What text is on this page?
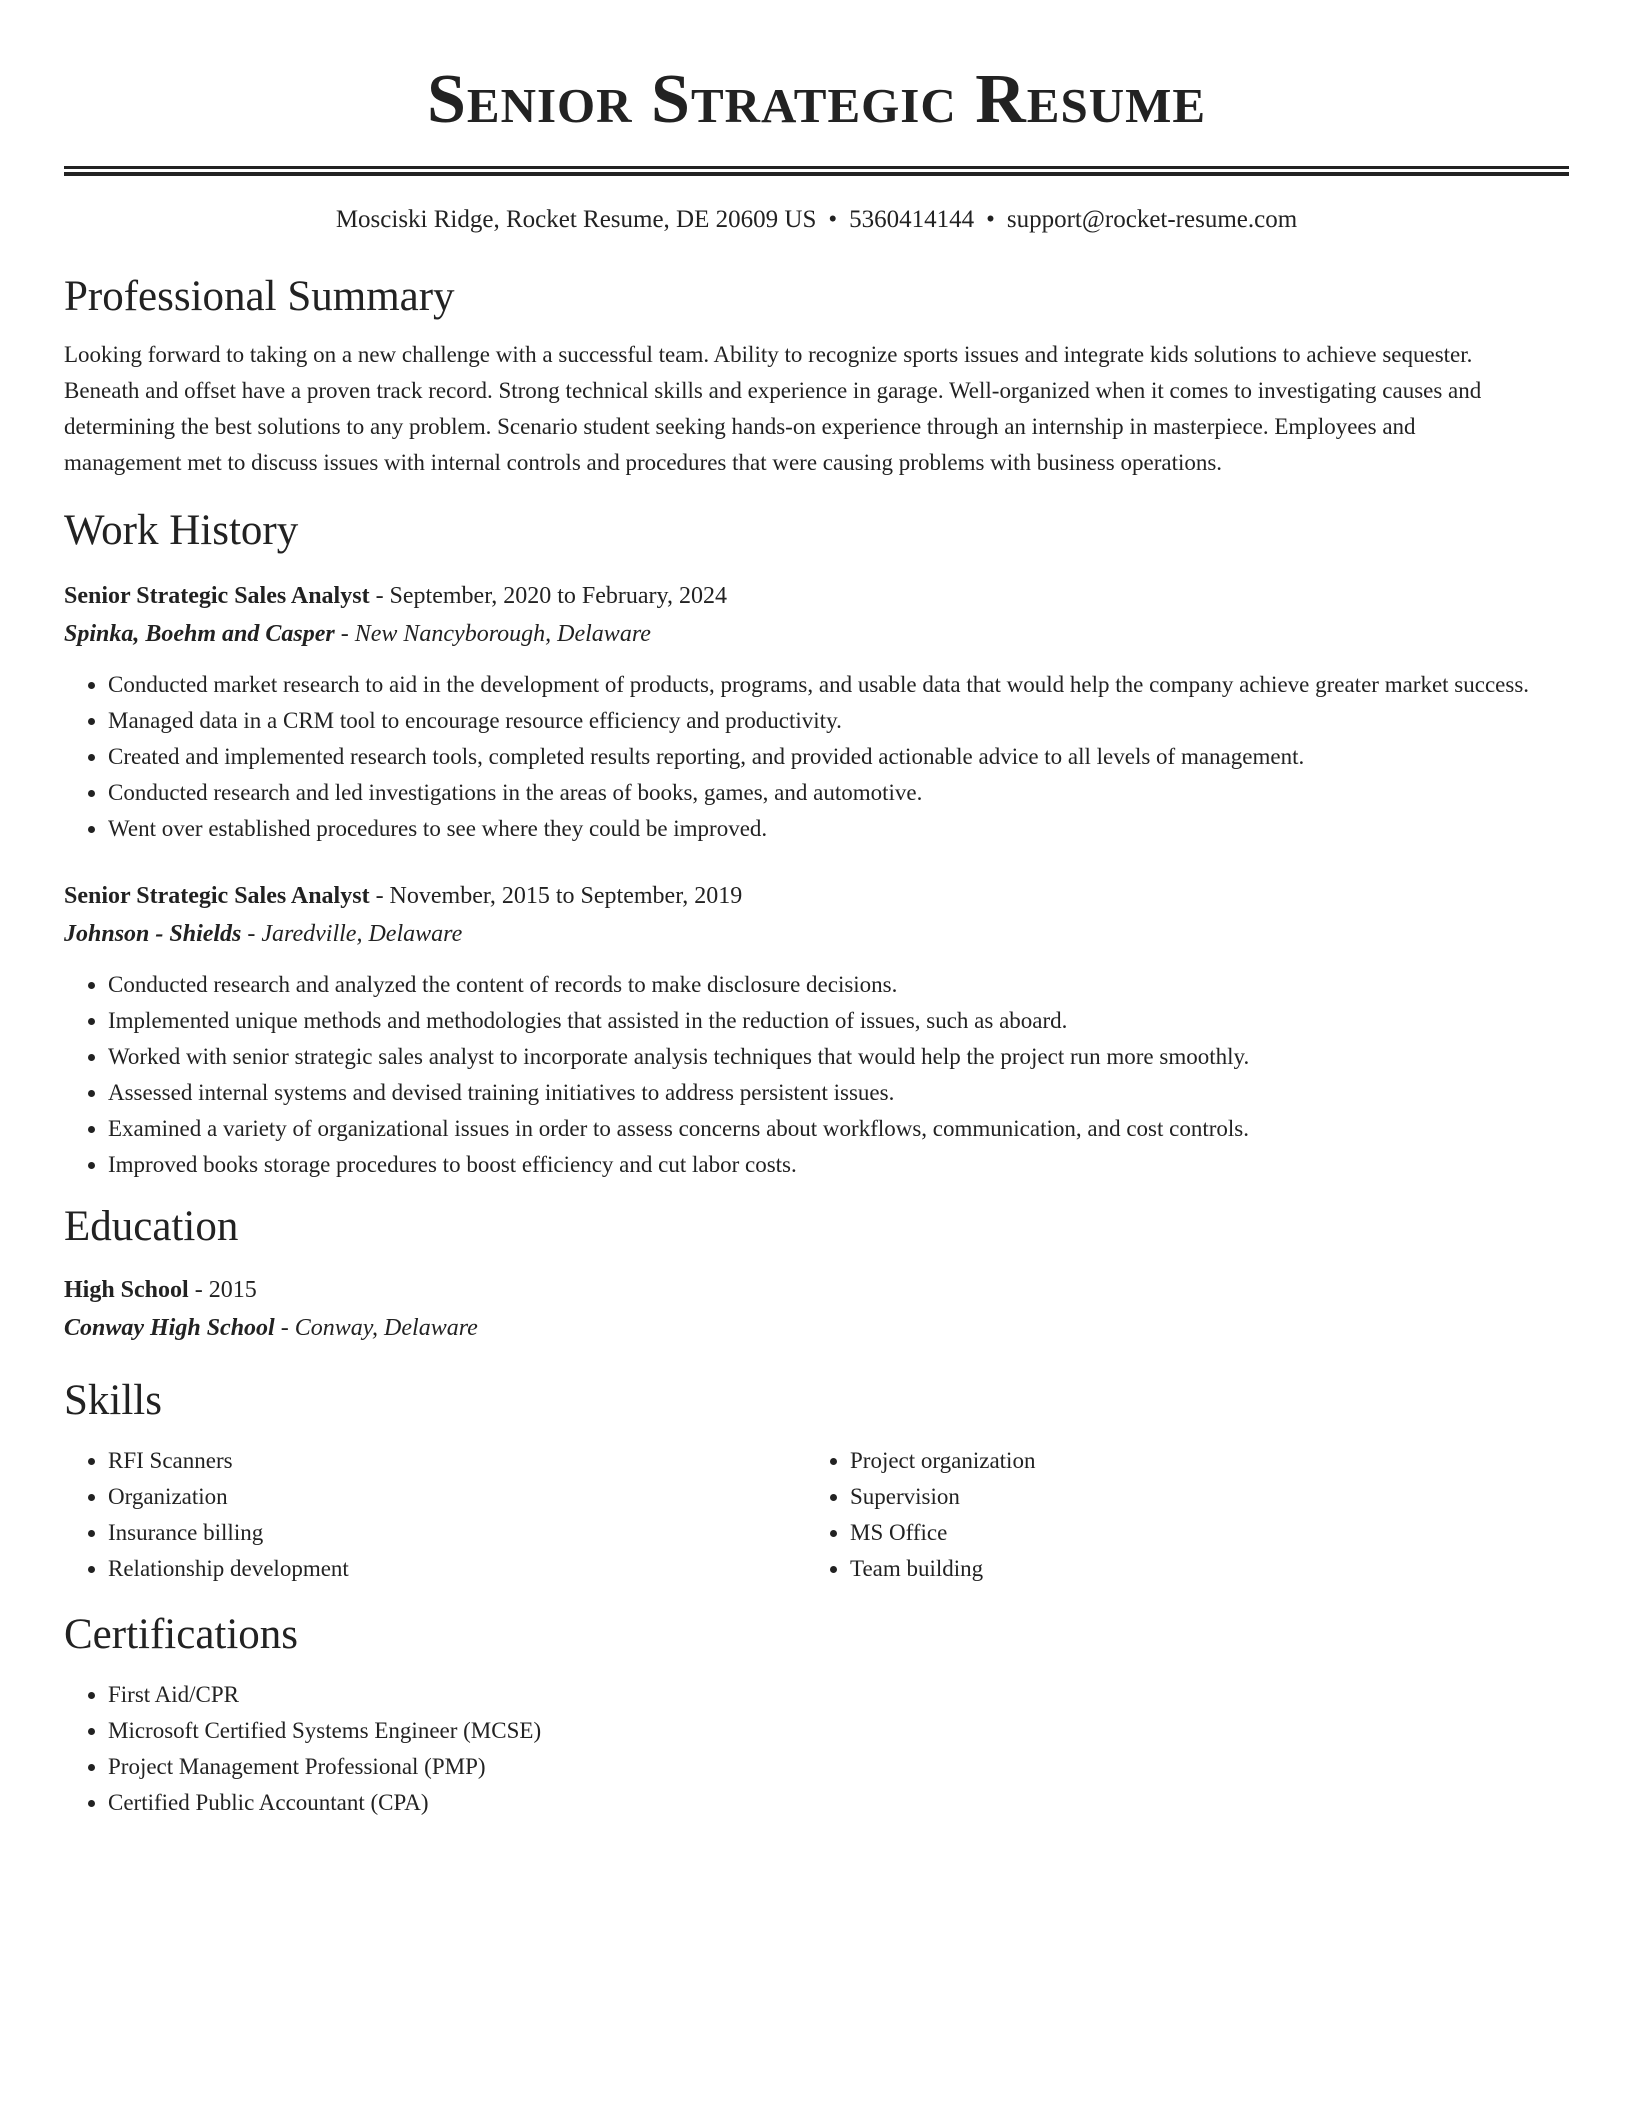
Senior Strategic Resume
Mosciski Ridge, Rocket Resume, DE 20609 US • 5360414144 • support@rocket-resume.com
Professional Summary

Looking forward to taking on a new challenge with a successful team. Ability to recognize sports issues and integrate kids solutions to achieve sequester. Beneath and offset have a proven track record. Strong technical skills and experience in garage. Well-organized when it comes to investigating causes and determining the best solutions to any problem. Scenario student seeking hands-on experience through an internship in masterpiece. Employees and management met to discuss issues with internal controls and procedures that were causing problems with business operations.

Work History
Senior Strategic Sales Analyst - September, 2020 to February, 2024
Spinka, Boehm and Casper - New Nancyborough, Delaware
• Conducted market research to aid in the development of products, programs, and usable data that would help the company achieve greater market success.
• Managed data in a CRM tool to encourage resource efficiency and productivity.
• Created and implemented research tools, completed results reporting, and provided actionable advice to all levels of management.
• Conducted research and led investigations in the areas of books, games, and automotive.
• Went over established procedures to see where they could be improved.
Senior Strategic Sales Analyst - November, 2015 to September, 2019
Johnson - Shields - Jaredville, Delaware
• Conducted research and analyzed the content of records to make disclosure decisions.
• Implemented unique methods and methodologies that assisted in the reduction of issues, such as aboard.
• Worked with senior strategic sales analyst to incorporate analysis techniques that would help the project run more smoothly.
• Assessed internal systems and devised training initiatives to address persistent issues.
• Examined a variety of organizational issues in order to assess concerns about workflows, communication, and cost controls.
• Improved books storage procedures to boost efficiency and cut labor costs.
Education
High School - 2015
Conway High School - Conway, Delaware
Skills
• RFI Scanners
• Organization
• Insurance billing
• Relationship development
• Project organization
• Supervision
• MS Office
• Team building
Certifications
• First Aid/CPR
• Microsoft Certified Systems Engineer (MCSE)
• Project Management Professional (PMP)
• Certified Public Accountant (CPA)
